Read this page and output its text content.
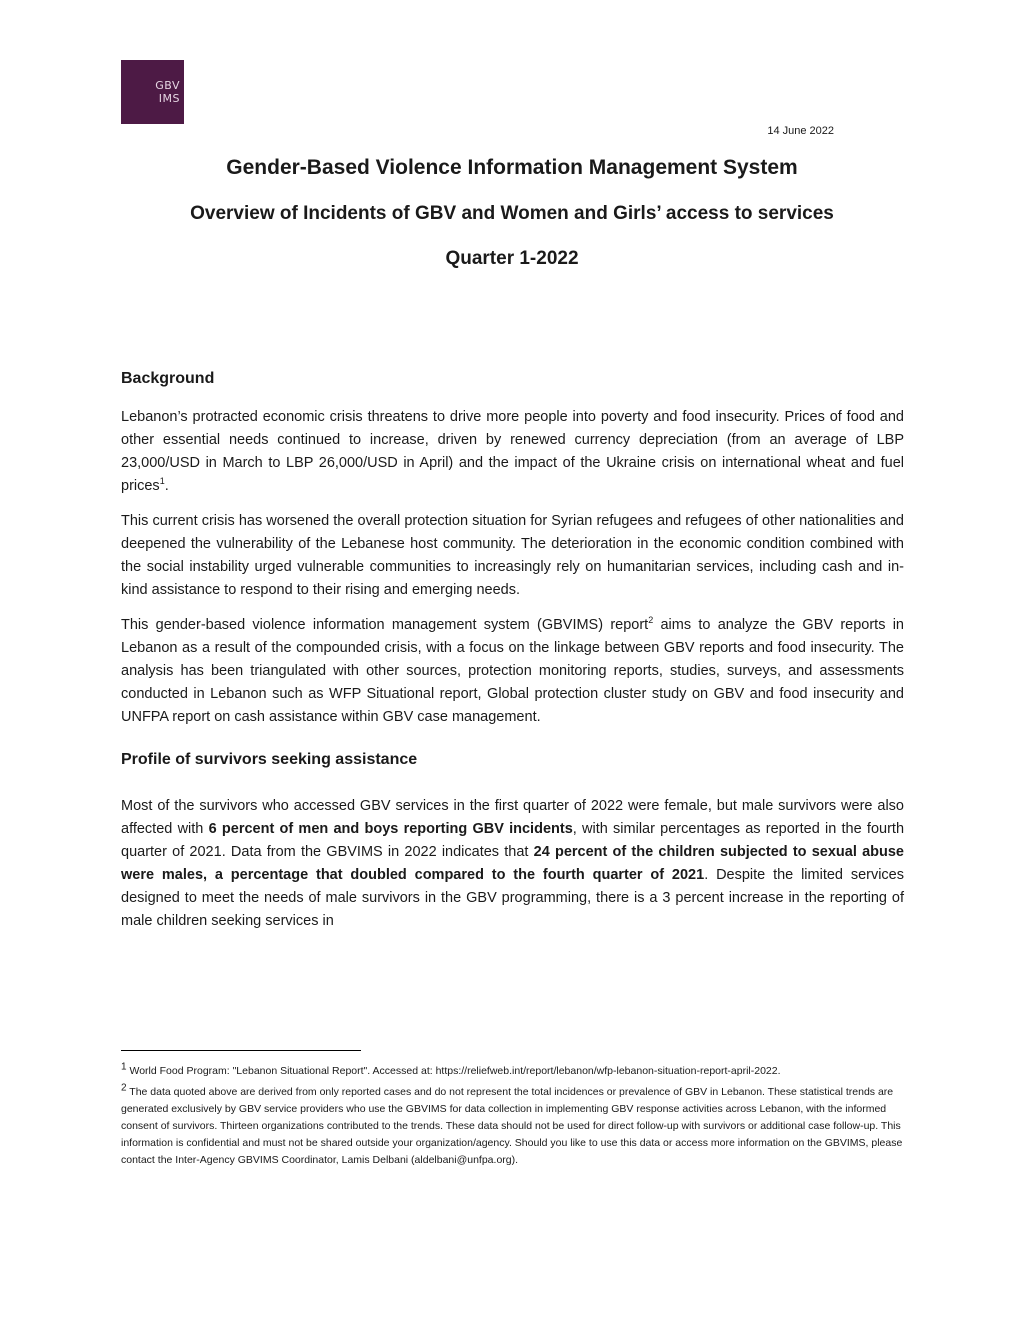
GBV
IMS
14 June 2022
Gender-Based Violence Information Management System
Overview of Incidents of GBV and Women and Girls’ access to services
Quarter 1-2022
Background

Lebanon’s protracted economic crisis threatens to drive more people into poverty and food insecurity. Prices of food and other essential needs continued to increase, driven by renewed currency depreciation (from an average of LBP 23,000/USD in March to LBP 26,000/USD in April) and the impact of the Ukraine crisis on international wheat and fuel prices$^1$.

This current crisis has worsened the overall protection situation for Syrian refugees and refugees of other nationalities and deepened the vulnerability of the Lebanese host community. The deterioration in the economic condition combined with the social instability urged vulnerable communities to increasingly rely on humanitarian services, including cash and in-kind assistance to respond to their rising and emerging needs.

This gender-based violence information management system (GBVIMS) report$^2$ aims to analyze the GBV reports in Lebanon as a result of the compounded crisis, with a focus on the linkage between GBV reports and food insecurity. The analysis has been triangulated with other sources, protection monitoring reports, studies, surveys, and assessments conducted in Lebanon such as WFP Situational report, Global protection cluster study on GBV and food insecurity and UNFPA report on cash assistance within GBV case management.

Profile of survivors seeking assistance

Most of the survivors who accessed GBV services in the first quarter of 2022 were female, but male survivors were also affected with 6 percent of men and boys reporting GBV incidents, with similar percentages as reported in the fourth quarter of 2021. Data from the GBVIMS in 2022 indicates that 24 percent of the children subjected to sexual abuse were males, a percentage that doubled compared to the fourth quarter of 2021. Despite the limited services designed to meet the needs of male survivors in the GBV programming, there is a 3 percent increase in the reporting of male children seeking services in

$^1$ World Food Program: "Lebanon Situational Report". Accessed at: https://reliefweb.int/report/lebanon/wfp-lebanon-situation-report-april-2022.
$^2$ The data quoted above are derived from only reported cases and do not represent the total incidences or prevalence of GBV in Lebanon. These statistical trends are generated exclusively by GBV service providers who use the GBVIMS for data collection in implementing GBV response activities across Lebanon, with the informed consent of survivors. Thirteen organizations contributed to the trends. These data should not be used for direct follow-up with survivors or additional case follow-up. This information is confidential and must not be shared outside your organization/agency. Should you like to use this data or access more information on the GBVIMS, please contact the Inter-Agency GBVIMS Coordinator, Lamis Delbani (aldelbani@unfpa.org).
